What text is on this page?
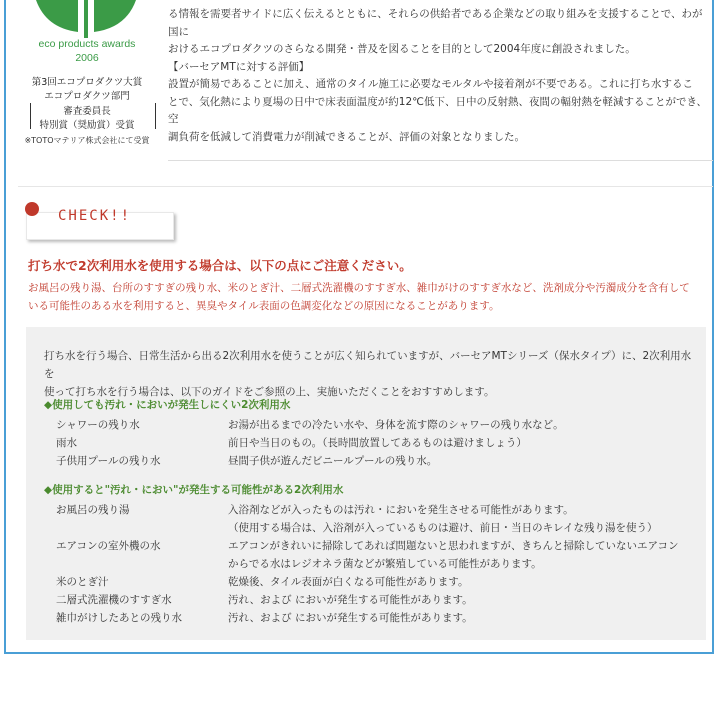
eco products awards
2006
第3回エコプロダクツ大賞
エコプロダクツ部門
審査委員長
特別賞（奨励賞）受賞
※TOTOマテリア株式会社にて受賞

る情報を需要者サイドに広く伝えるとともに、それらの供給者である企業などの取り組みを支援することで、わが国に

おけるエコプロダクツのさらなる開発・普及を図ることを目的として2004年度に創設されました。

【バーセアMTに対する評価】

設置が簡易であることに加え、通常のタイル施工に必要なモルタルや接着剤が不要である。これに打ち水するこ

とで、気化熱により夏場の日中で床表面温度が約12℃低下、日中の反射熱、夜間の輻射熱を軽減することができ、空

調負荷を低減して消費電力が削減できることが、評価の対象となりました。

CHECK!!
打ち水で2次利用水を使用する場合は、以下の点にご注意ください。

お風呂の残り湯、台所のすすぎの残り水、米のとぎ汁、二層式洗濯機のすすぎ水、雑巾がけのすすぎ水など、洗剤成分や汚濁成分を含有して

いる可能性のある水を利用すると、異臭やタイル表面の色調変化などの原因になることがあります。

打ち水を行う場合、日常生活から出る2次利用水を使うことが広く知られていますが、バーセアMTシリーズ（保水タイプ）に、2次利用水を

使って打ち水を行う場合は、以下のガイドをご参照の上、実施いただくことをおすすめします。

◆使用しても汚れ・においが発生しにくい2次利用水
シャワーの残り水	お湯が出るまでの冷たい水や、身体を流す際のシャワーの残り水など。

雨水	前日や当日のもの。（長時間放置してあるものは避けましょう）

子供用プールの残り水	昼間子供が遊んだビニールプールの残り水。

◆使用すると"汚れ・におい"が発生する可能性がある2次利用水
お風呂の残り湯	入浴剤などが入ったものは汚れ・においを発生させる可能性があります。

（使用する場合は、入浴剤が入っているものは避け、前日・当日のキレイな残り湯を使う）

エアコンの室外機の水	エアコンがきれいに掃除してあれば問題ないと思われますが、きちんと掃除していないエアコン

からでる水はレジオネラ菌などが繁殖している可能性があります。

米のとぎ汁	乾燥後、タイル表面が白くなる可能性があります。

二層式洗濯機のすすぎ水	汚れ、および においが発生する可能性があります。

雑巾がけしたあとの残り水	汚れ、および においが発生する可能性があります。
